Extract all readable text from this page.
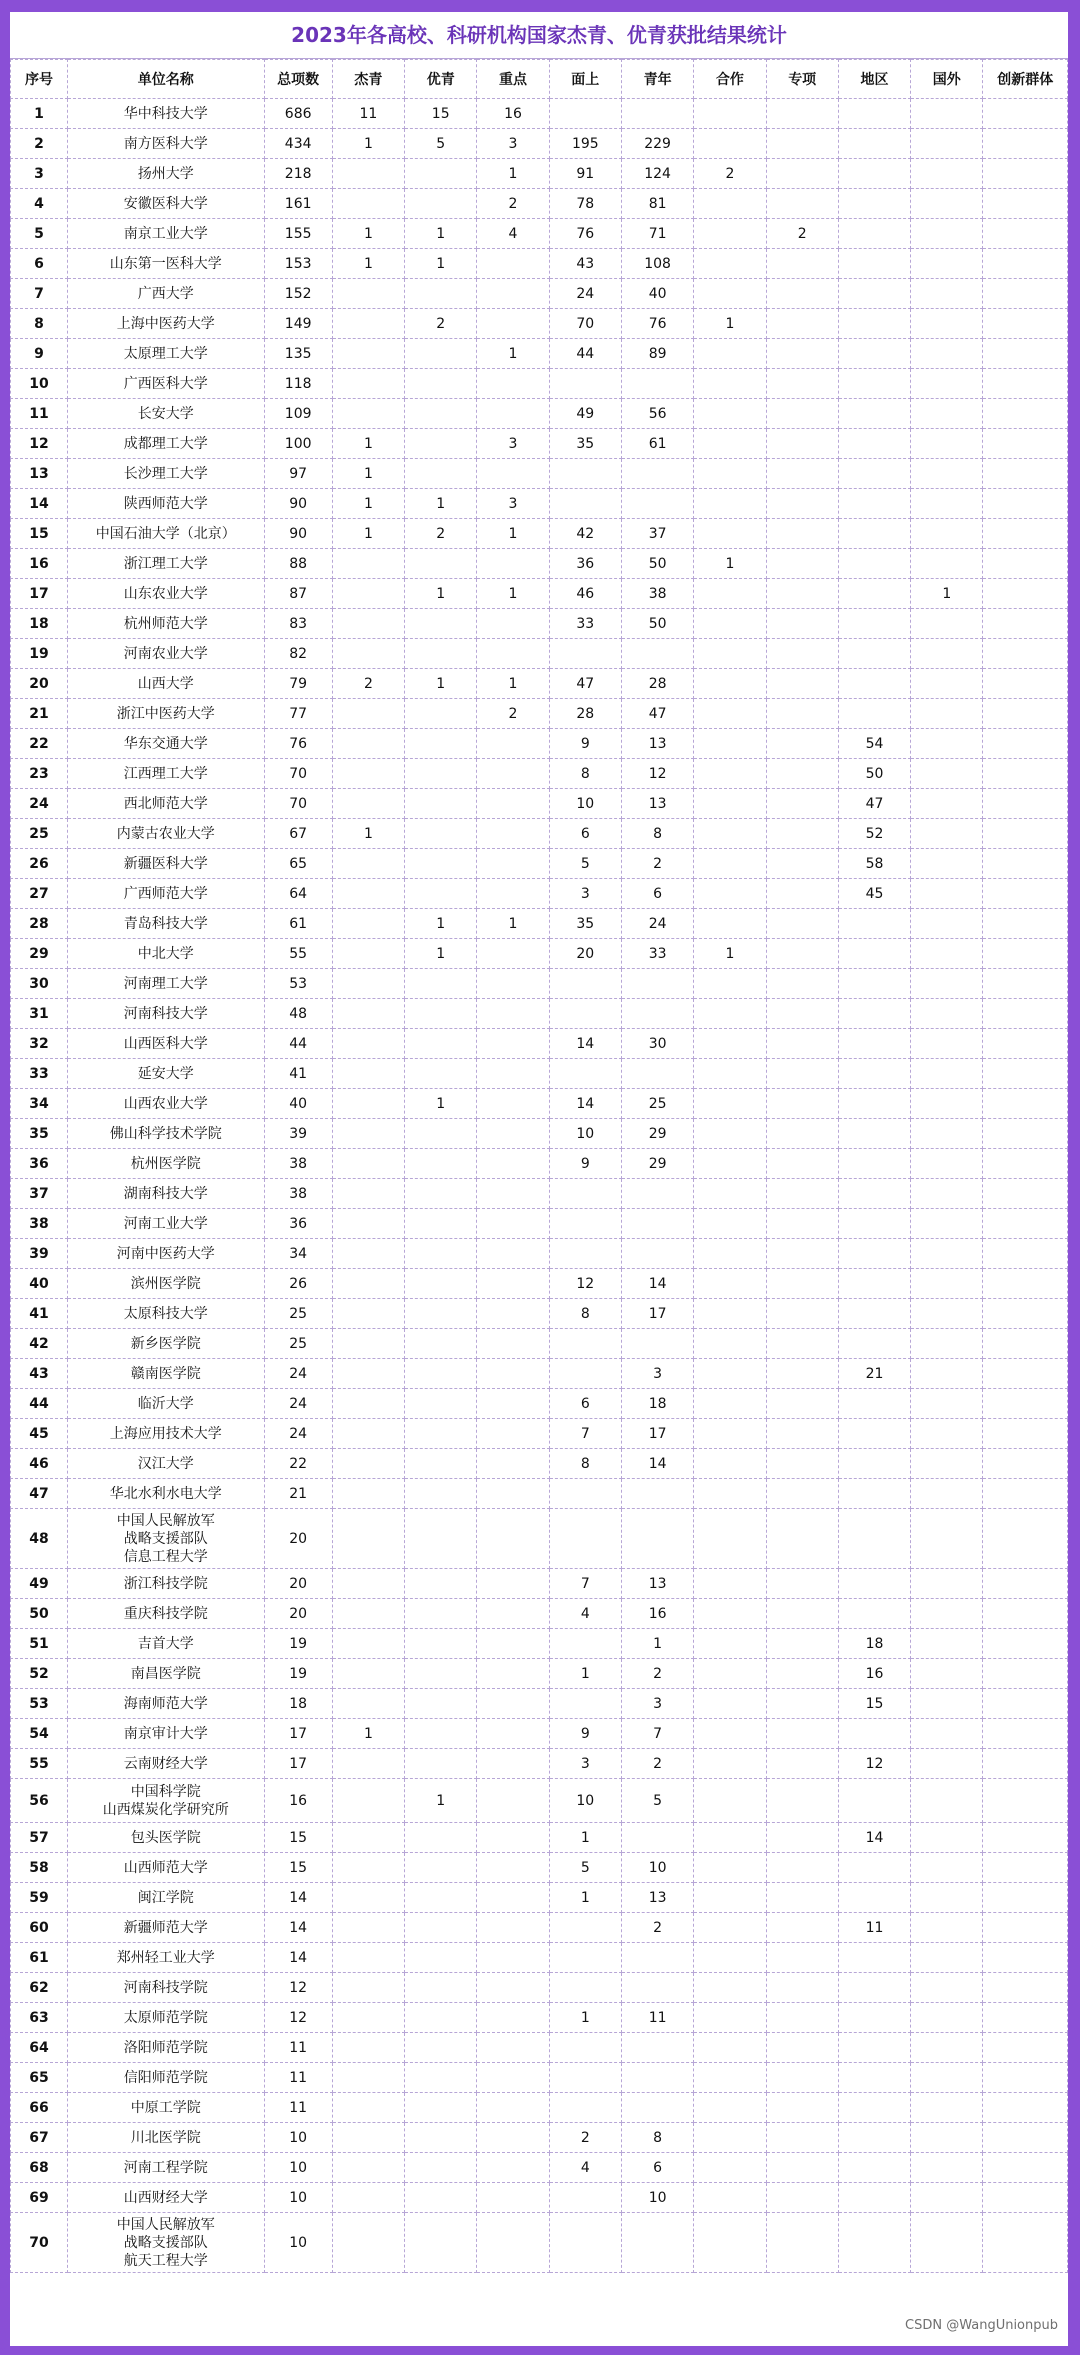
2023年各高校、科研机构国家杰青、优青获批结果统计
序号	单位名称	总项数	杰青	优青	重点	面上	青年	合作	专项	地区	国外	创新群体
1	华中科技大学	686	11	15	16							
2	南方医科大学	434	1	5	3	195	229					
3	扬州大学	218			1	91	124	2				
4	安徽医科大学	161			2	78	81					
5	南京工业大学	155	1	1	4	76	71		2			
6	山东第一医科大学	153	1	1		43	108					
7	广西大学	152				24	40					
8	上海中医药大学	149		2		70	76	1				
9	太原理工大学	135			1	44	89					
10	广西医科大学	118										
11	长安大学	109				49	56					
12	成都理工大学	100	1		3	35	61					
13	长沙理工大学	97	1									
14	陕西师范大学	90	1	1	3							
15	中国石油大学（北京）	90	1	2	1	42	37					
16	浙江理工大学	88				36	50	1				
17	山东农业大学	87		1	1	46	38				1	
18	杭州师范大学	83				33	50					
19	河南农业大学	82										
20	山西大学	79	2	1	1	47	28					
21	浙江中医药大学	77			2	28	47					
22	华东交通大学	76				9	13			54		
23	江西理工大学	70				8	12			50		
24	西北师范大学	70				10	13			47		
25	内蒙古农业大学	67	1			6	8			52		
26	新疆医科大学	65				5	2			58		
27	广西师范大学	64				3	6			45		
28	青岛科技大学	61		1	1	35	24					
29	中北大学	55		1		20	33	1				
30	河南理工大学	53										
31	河南科技大学	48										
32	山西医科大学	44				14	30					
33	延安大学	41										
34	山西农业大学	40		1		14	25					
35	佛山科学技术学院	39				10	29					
36	杭州医学院	38				9	29					
37	湖南科技大学	38										
38	河南工业大学	36										
39	河南中医药大学	34										
40	滨州医学院	26				12	14					
41	太原科技大学	25				8	17					
42	新乡医学院	25										
43	赣南医学院	24					3			21		
44	临沂大学	24				6	18					
45	上海应用技术大学	24				7	17					
46	汉江大学	22				8	14					
47	华北水利水电大学	21										
48	中国人民解放军
战略支援部队
信息工程大学	20										
49	浙江科技学院	20				7	13					
50	重庆科技学院	20				4	16					
51	吉首大学	19					1			18		
52	南昌医学院	19				1	2			16		
53	海南师范大学	18					3			15		
54	南京审计大学	17	1			9	7					
55	云南财经大学	17				3	2			12		
56	中国科学院
山西煤炭化学研究所	16		1		10	5					
57	包头医学院	15				1				14		
58	山西师范大学	15				5	10					
59	闽江学院	14				1	13					
60	新疆师范大学	14					2			11		
61	郑州轻工业大学	14										
62	河南科技学院	12										
63	太原师范学院	12				1	11					
64	洛阳师范学院	11										
65	信阳师范学院	11										
66	中原工学院	11										
67	川北医学院	10				2	8					
68	河南工程学院	10				4	6					
69	山西财经大学	10					10					
70	中国人民解放军
战略支援部队
航天工程大学	10										
CSDN @WangUnionpub
